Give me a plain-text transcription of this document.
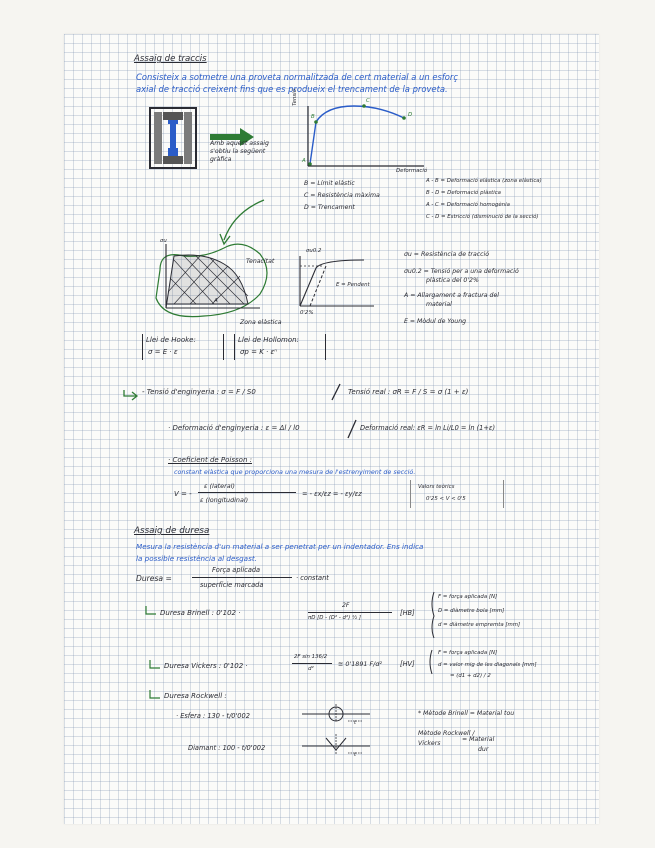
Assaig de traccis
Consisteix a sotmetre una proveta normalitzada de cert material a un esforç
axial de tracció creixent fins que es produeix el trencament de la proveta.
Amb aquest assaig
s'obtiu la següent
gràfica
Tensió
Deformació
A
B
C
D
B = Límit elàstic
C = Resistència màxima
D = Trencament
A - B = Deformació elàstica (zona elàstica)
B - D = Deformació plàstica
A - C = Deformació homogènia
C - D = Estricció (disminució de la secció)
σu
Tenacitat
A
Zona elàstica
σu0.2
0'2%
E = Pendent
σu = Resistència de tracció
σu0.2 = Tensió per a una deformació
plàstica del 0'2%
A = Allargament a fractura del
material
E = Mòdul de Young
Llei de Hooke:
σ = E · ε
Llei de Hollomon:
σp = K · εⁿ
- Tensió d'enginyeria : σ = F / S0	Tensió real : σR = F / S = σ (1 + ε)
· Deformació d'enginyeria : ε = Δl / l0	Deformació real: εR = ln Li/L0 = ln (1+ε)
· Coeficient de Poisson :
constant elàstica que proporciona una mesura de l'estrenyiment de secció.
V = -
ε (lateral)
ε (longitudinal)
= - εx/εz = - εy/εz
Valors teòrics
0'25 < V < 0'5
Assaig de duresa
Mesura la resistència d'un material a ser penetrat per un indentador. Ens indica
la possible resistència al desgast.
Duresa =
Força aplicada
superfície marcada
· constant
Duresa Brinell : 0'102 ·
2F
πD [D - (D² - d²) ½ ]
[HB]
F = força aplicada [N]
D = diàmetre bola [mm]
d = diàmetre empremta [mm]
Duresa Vickers : 0'102 ·
2F sin 136/2
d²
≅ 0'1891 F/d²	[HV]
F = força aplicada [N]
d = valor mig de les diagonals [mm]
= (d1 + d2) / 2
Duresa Rockwell :
· Esfera : 130 - t/0'002
Diamant : 100 - t/0'002
t
t
* Mètode Brinell = Material tou
Mètode Rockwell /
Vickers
= Material
dur
